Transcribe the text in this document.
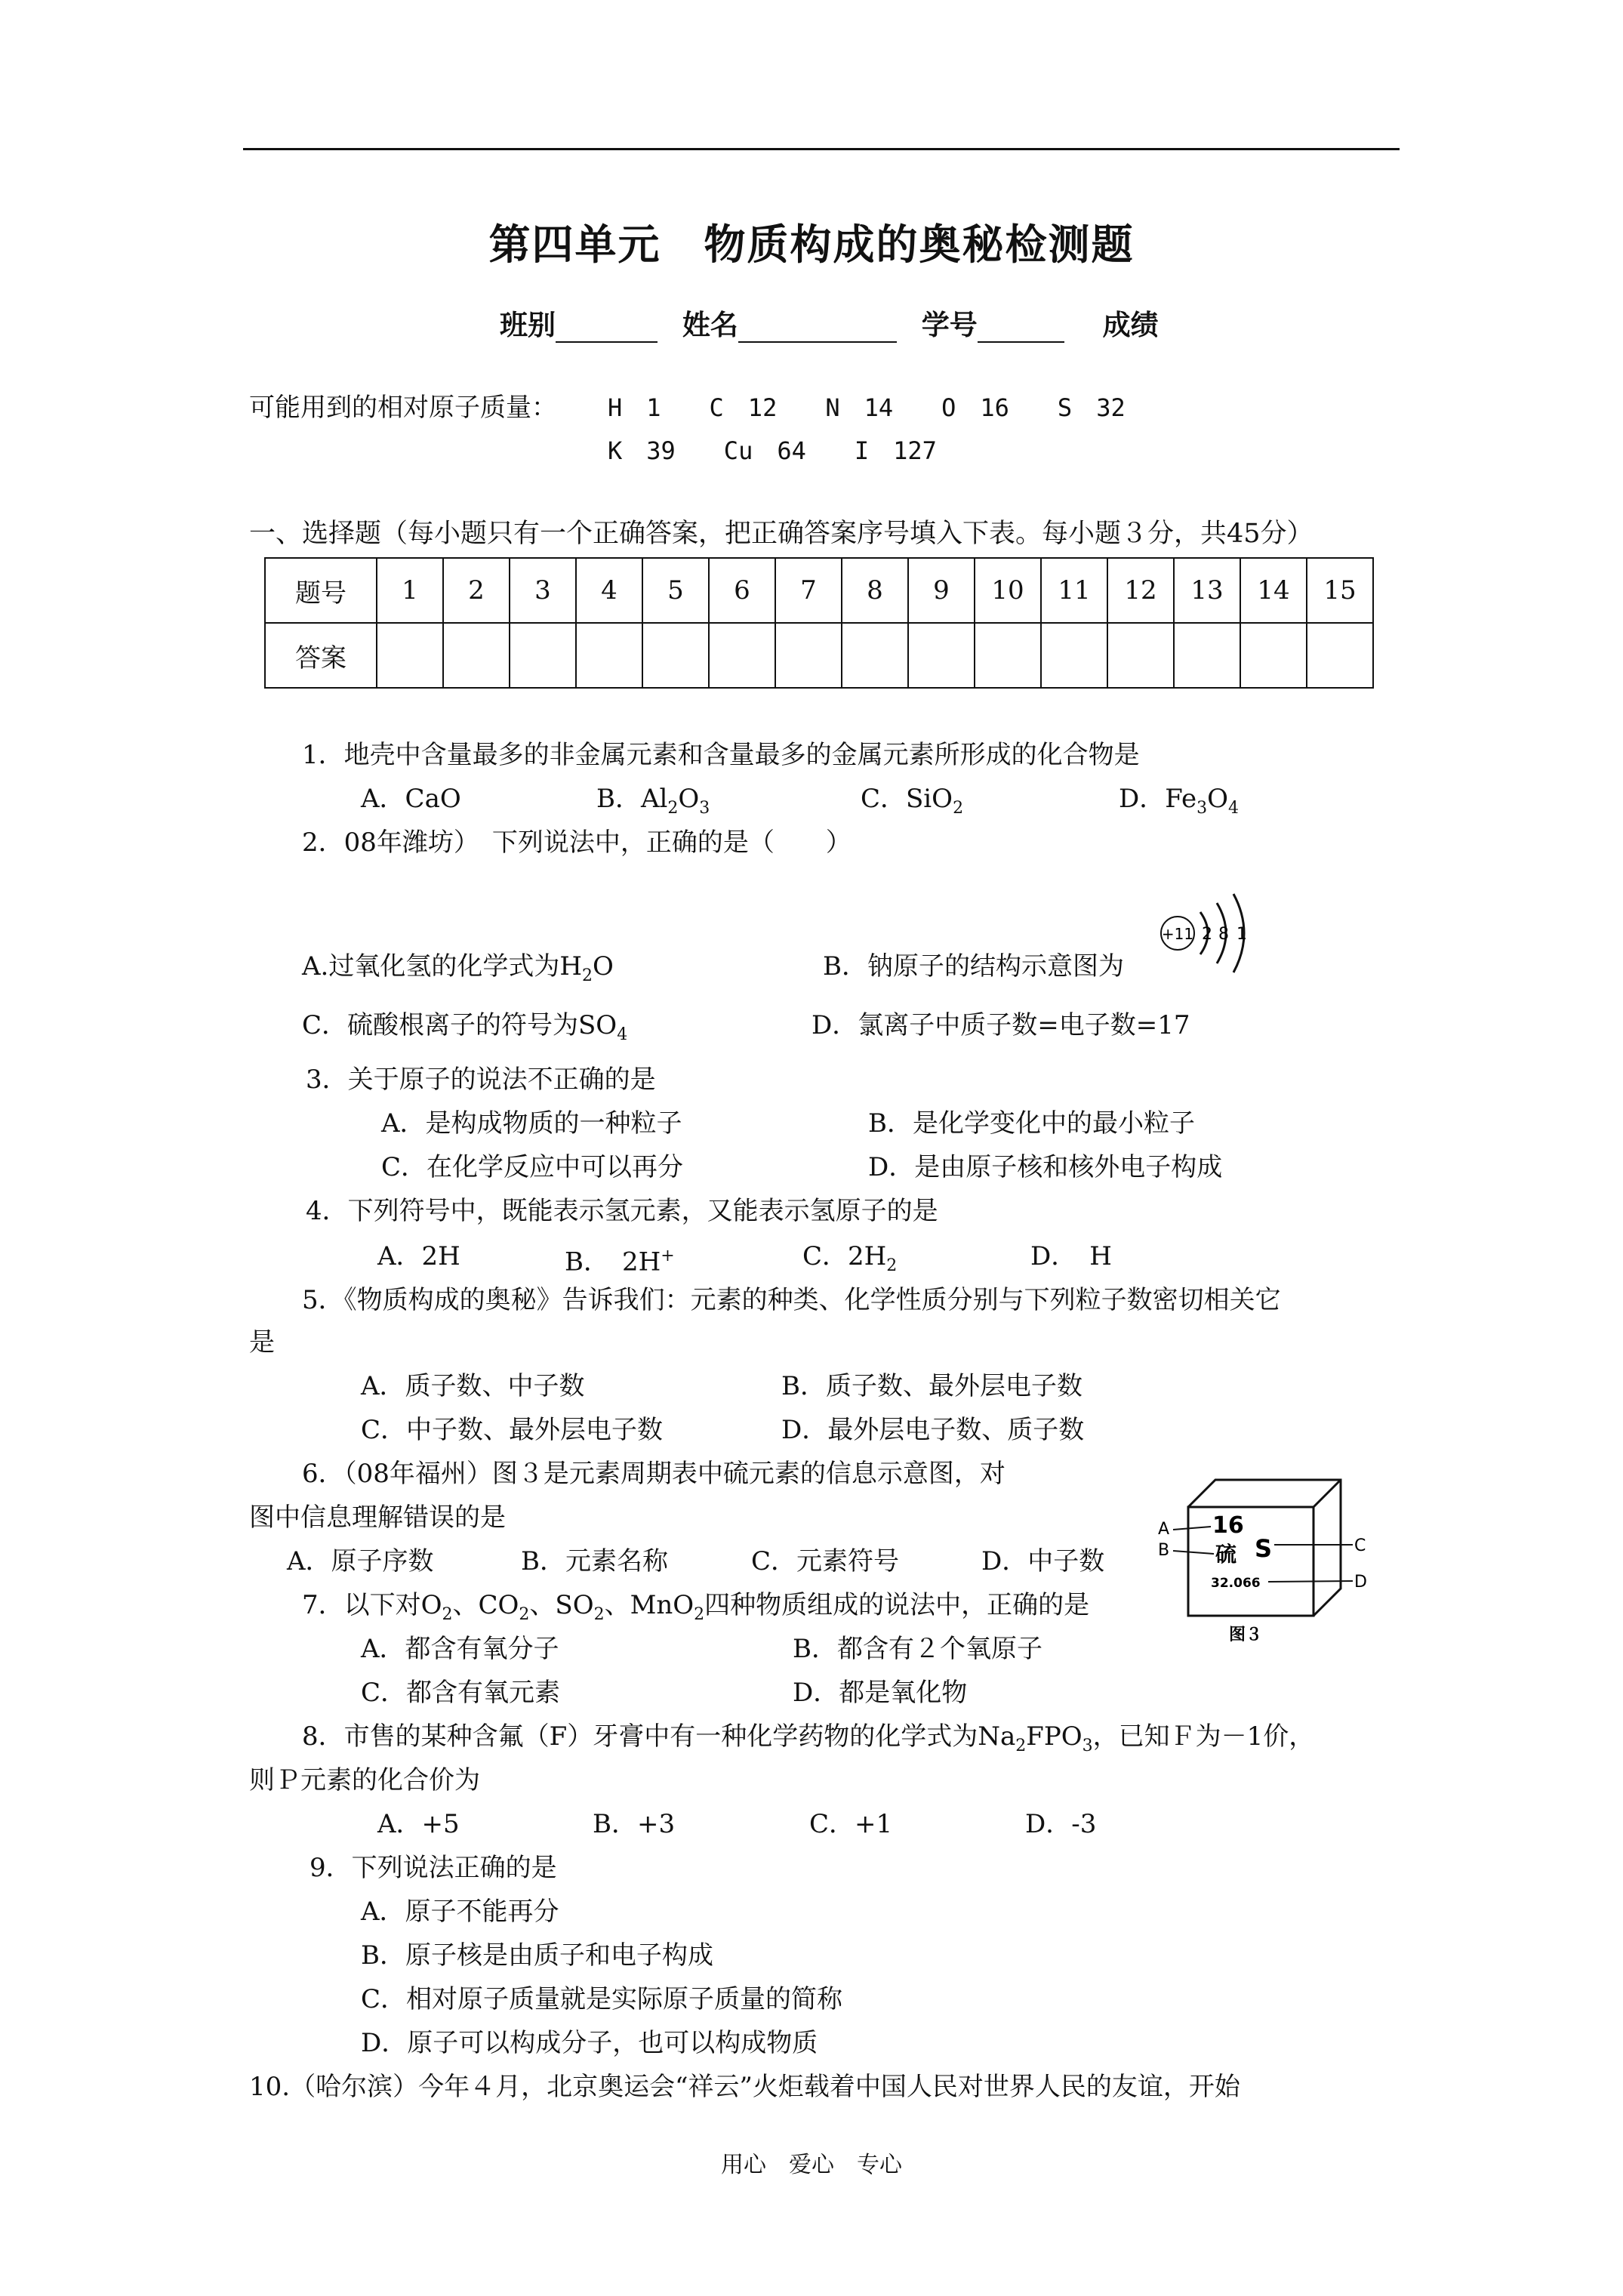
第四单元　物质构成的奥秘检测题
班别	姓名	学号	成绩
可能用到的相对原子质量： H　1　　C　12　　N　14　　O　16　　S　32
K　39　　Cu　64　　I　127
一、选择题（每小题只有一个正确答案，把正确答案序号填入下表。每小题３分，共45分）
题号	1	2	3	4	5	6	7	8	9	10	11	12	13	14	15
答案															
1．地壳中含量最多的非金属元素和含量最多的金属元素所形成的化合物是
A．CaO	B．$Al_2O_3$	C．SiO$_2$	D．$Fe_3O_4$
2．08年潍坊）　下列说法中，正确的是（　　）
+11 2 8 1
A.过氧化氢的化学式为$H_2O$	B．钠原子的结构示意图为
C．硫酸根离子的符号为$SO_4$	D．氯离子中质子数=电子数=17
3．关于原子的说法不正确的是
A．是构成物质的一种粒子	B．是化学变化中的最小粒子
C．在化学反应中可以再分	D．是由原子核和核外电子构成
4．下列符号中，既能表示氢元素，又能表示氢原子的是
A．2H	B．　2H+	C．$2H_2$	D．　H
5．《物质构成的奥秘》告诉我们：元素的种类、化学性质分别与下列粒子数密切相关它
是
A．质子数、中子数	B．质子数、最外层电子数
C．中子数、最外层电子数	D．最外层电子数、质子数
6．（08年福州）图３是元素周期表中硫元素的信息示意图，对
图中信息理解错误的是
A．原子序数	B．元素名称	C．元素符号	D．中子数
16
硫 S
32.066
A
B	C
D
图３
7．以下对$O_2$、$CO_2$、$SO_2$、MnO$_2$四种物质组成的说法中，正确的是
A．都含有氧分子	B．都含有２个氧原子
C．都含有氧元素	D．都是氧化物
8．市售的某种含氟（F）牙膏中有一种化学药物的化学式为$Na_2FPO_3$，已知Ｆ为－1价，
则Ｐ元素的化合价为
A．+5	B．+3	C．+1	D．-3
9．下列说法正确的是
A．原子不能再分
B．原子核是由质子和电子构成
C．相对原子质量就是实际原子质量的简称
D．原子可以构成分子，也可以构成物质
10.（哈尔滨）今年４月，北京奥运会“祥云”火炬载着中国人民对世界人民的友谊，开始
用心　爱心　专心
